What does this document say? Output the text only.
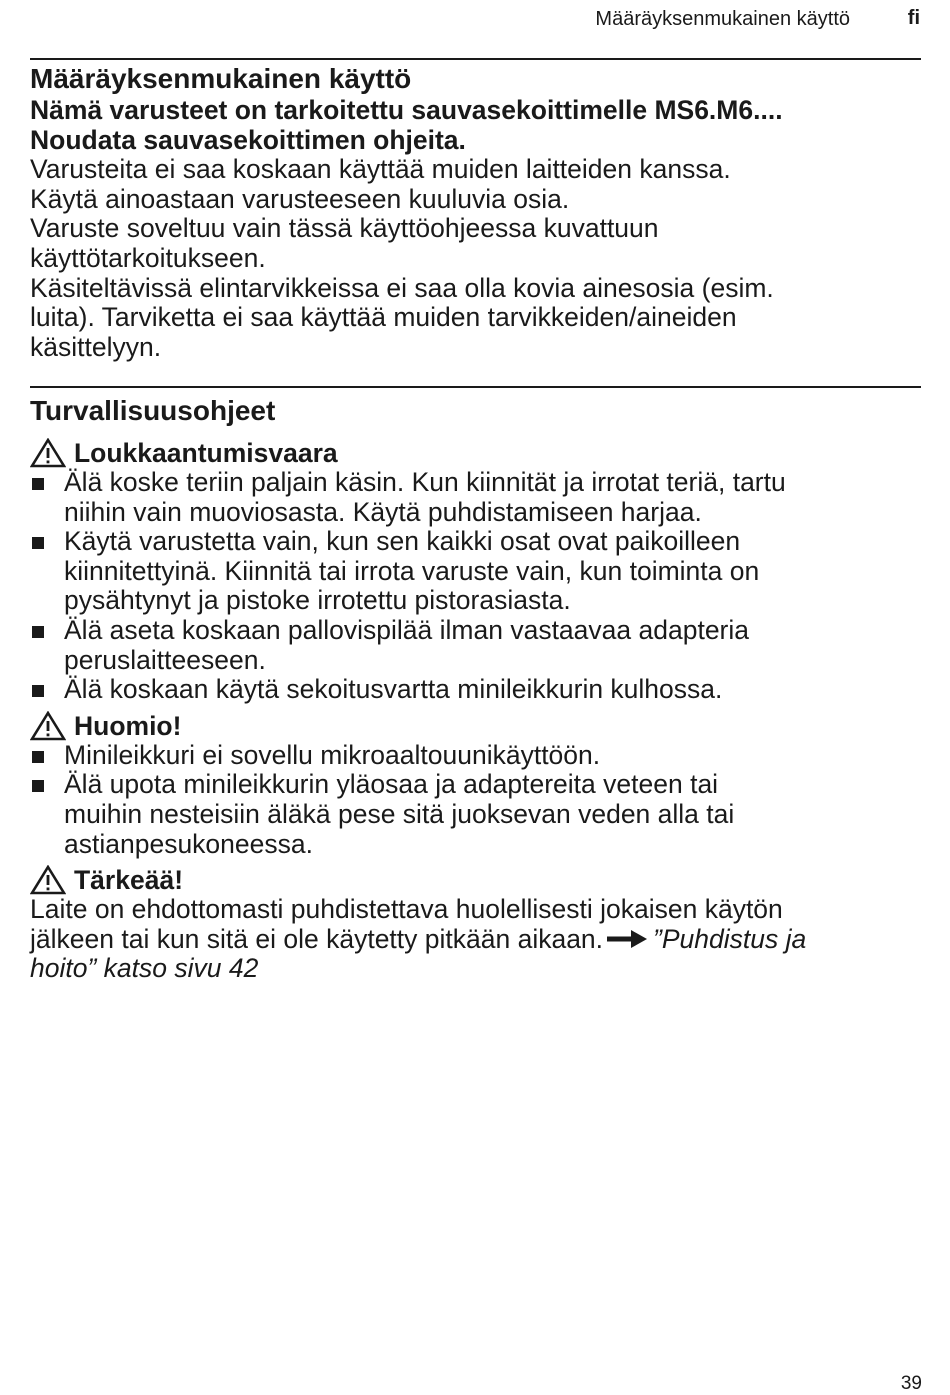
Määräyksenmukainen käyttö	fi
Määräyksenmukainen käyttö

Nämä varusteet on tarkoitettu sauvasekoittimelle MS6.M6....

Noudata sauvasekoittimen ohjeita.

Varusteita ei saa koskaan käyttää muiden laitteiden kanssa.

Käytä ainoastaan varusteeseen kuuluvia osia.

Varuste soveltuu vain tässä käyttöohjeessa kuvattuun

käyttötarkoitukseen.

Käsiteltävissä elintarvikkeissa ei saa olla kovia ainesosia (esim.

luita). Tarviketta ei saa käyttää muiden tarvikkeiden/aineiden

käsittelyyn.

Turvallisuusohjeet
Loukkaantumisvaara
Älä koske teriin paljain käsin. Kun kiinnität ja irrotat teriä, tartu
niihin vain muoviosasta. Käytä puhdistamiseen harjaa.
Käytä varustetta vain, kun sen kaikki osat ovat paikoilleen
kiinnitettyinä. Kiinnitä tai irrota varuste vain, kun toiminta on
pysähtynyt ja pistoke irrotettu pistorasiasta.
Älä aseta koskaan pallovispilää ilman vastaavaa adapteria
peruslaitteeseen.
Älä koskaan käytä sekoitusvartta minileikkurin kulhossa.
Huomio!
Minileikkuri ei sovellu mikroaaltouunikäyttöön.
Älä upota minileikkurin yläosaa ja adaptereita veteen tai
muihin nesteisiin äläkä pese sitä juoksevan veden alla tai
astianpesukoneessa.
Tärkeää!

Laite on ehdottomasti puhdistettava huolellisesti jokaisen käytön

jälkeen tai kun sitä ei ole käytetty pitkään aikaan. ”Puhdistus ja

hoito” katso sivu 42

39
